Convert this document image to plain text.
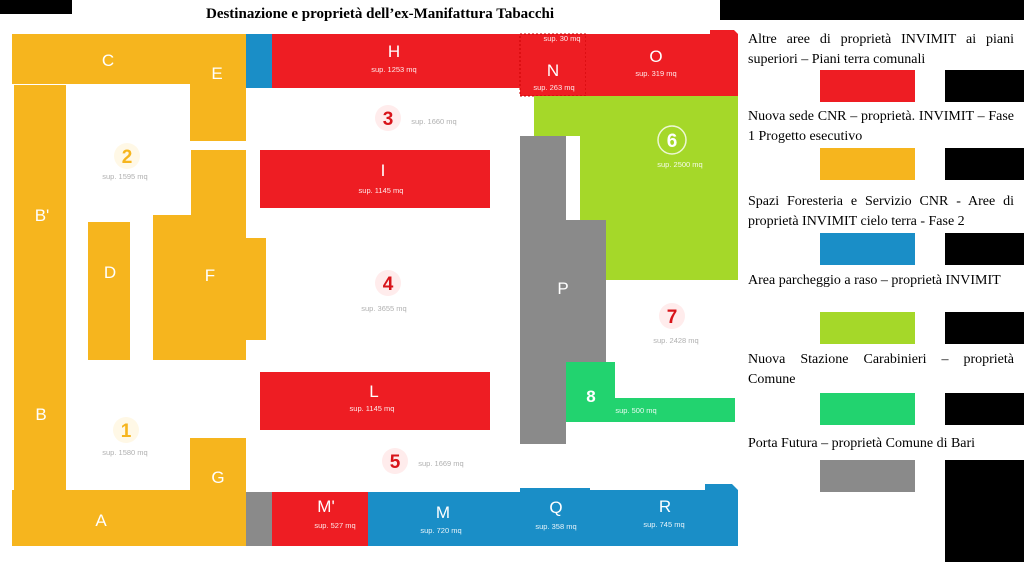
Destinazione e proprietà dell’ex-Manifattura Tabacchi
C
E
B'
B
D
sup. 244 mq	sup. 294 mq	F
G
A
H
sup. 1253 mq
sup. 30 mq
N
sup. 263 mq
O
sup. 319 mq
I
sup. 1145 mq
L
sup. 1145 mq
6
sup. 2500 mq
P
8
sup. 500 mq
M'
sup. 527 mq
M
sup. 720 mq
Q
sup. 358 mq
R
sup. 745 mq
2
sup. 1595 mq
1
sup. 1580 mq
3 sup. 1660 mq
4
sup. 3655 mq
5 sup. 1669 mq
7
sup. 2428 mq
Altre aree di proprietà INVIMIT ai piani superiori – Piani terra comunali
Nuova sede CNR – proprietà. INVIMIT – Fase 1 Progetto esecutivo
Spazi Foresteria e Servizio CNR - Aree di proprietà INVIMIT cielo terra - Fase 2
Area parcheggio a raso – proprietà INVIMIT
Nuova Stazione Carabinieri – proprietà Comune
Porta Futura – proprietà Comune di Bari
